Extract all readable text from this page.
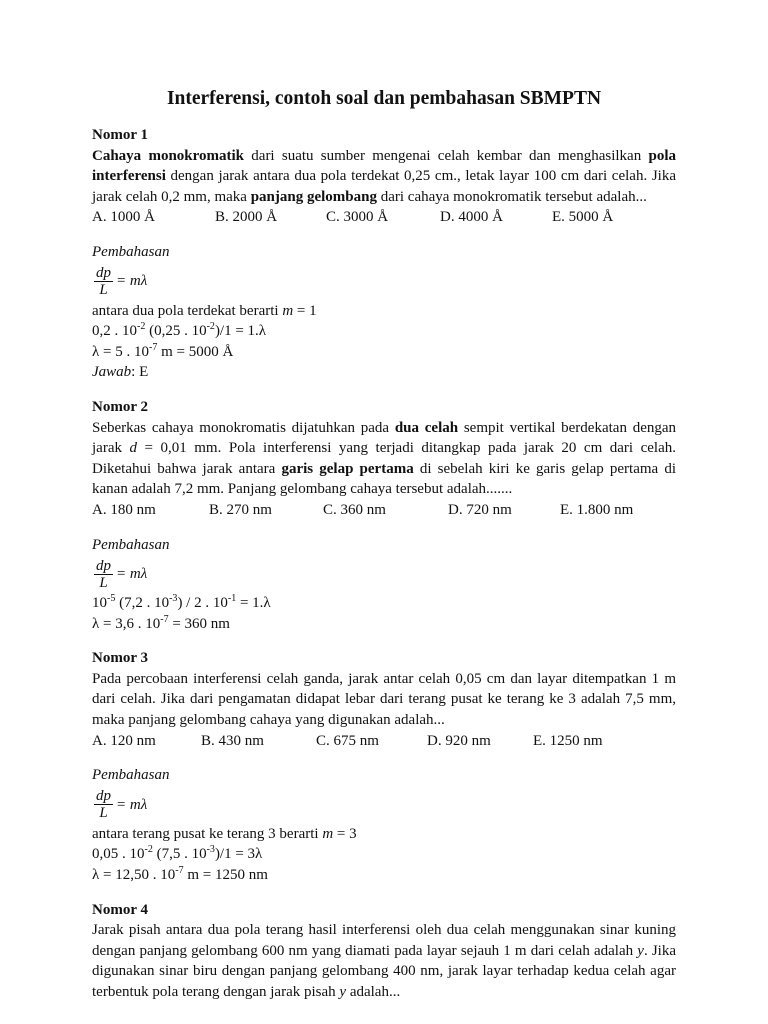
Interferensi, contoh soal dan pembahasan SBMPTN
Nomor 1
Cahaya monokromatik dari suatu sumber mengenai celah kembar dan menghasilkan pola interferensi dengan jarak antara dua pola terdekat 0,25 cm., letak layar 100 cm dari celah. Jika jarak celah 0,2 mm, maka panjang gelombang dari cahaya monokromatik tersebut adalah...
A. 1000 Å	B. 2000 Å	C. 3000 Å	D. 4000 Å	E. 5000 Å
Pembahasan
$\frac{dp}{L} = m\lambda$
antara dua pola terdekat berarti m = 1
0,2 . $10^{-2}$ (0,25 . $10^{-2})/1 = 1.\lambda$
λ = 5 . $10^{-7}$ m = 5000 Å
Jawab: E
Nomor 2
Seberkas cahaya monokromatis dijatuhkan pada dua celah sempit vertikal berdekatan dengan jarak d = 0,01 mm. Pola interferensi yang terjadi ditangkap pada jarak 20 cm dari celah. Diketahui bahwa jarak antara garis gelap pertama di sebelah kiri ke garis gelap pertama di kanan adalah 7,2 mm. Panjang gelombang cahaya tersebut adalah.......
A. 180 nm	B. 270 nm	C. 360 nm	D. 720 nm	E. 1.800 nm
Pembahasan
$\frac{dp}{L} = m\lambda$
$10^{-5}$ (7,2 . $10^{-3}) / 2$ . $10^{-1} = 1.\lambda$
λ = 3,6 . $10^{-7} = 360$ nm
Nomor 3
Pada percobaan interferensi celah ganda, jarak antar celah 0,05 cm dan layar ditempatkan 1 m dari celah. Jika dari pengamatan didapat lebar dari terang pusat ke terang ke 3 adalah 7,5 mm, maka panjang gelombang cahaya yang digunakan adalah...
A. 120 nm	B. 430 nm	C. 675 nm	D. 920 nm	E. 1250 nm
Pembahasan
$\frac{dp}{L} = m\lambda$
antara terang pusat ke terang 3 berarti m = 3
0,05 . $10^{-2}$ (7,5 . $10^{-3})/1 = 3\lambda$
λ = 12,50 . $10^{-7}$ m = 1250 nm
Nomor 4
Jarak pisah antara dua pola terang hasil interferensi oleh dua celah menggunakan sinar kuning dengan panjang gelombang 600 nm yang diamati pada layar sejauh 1 m dari celah adalah y. Jika digunakan sinar biru dengan panjang gelombang 400 nm, jarak layar terhadap kedua celah agar terbentuk pola terang dengan jarak pisah y adalah...
